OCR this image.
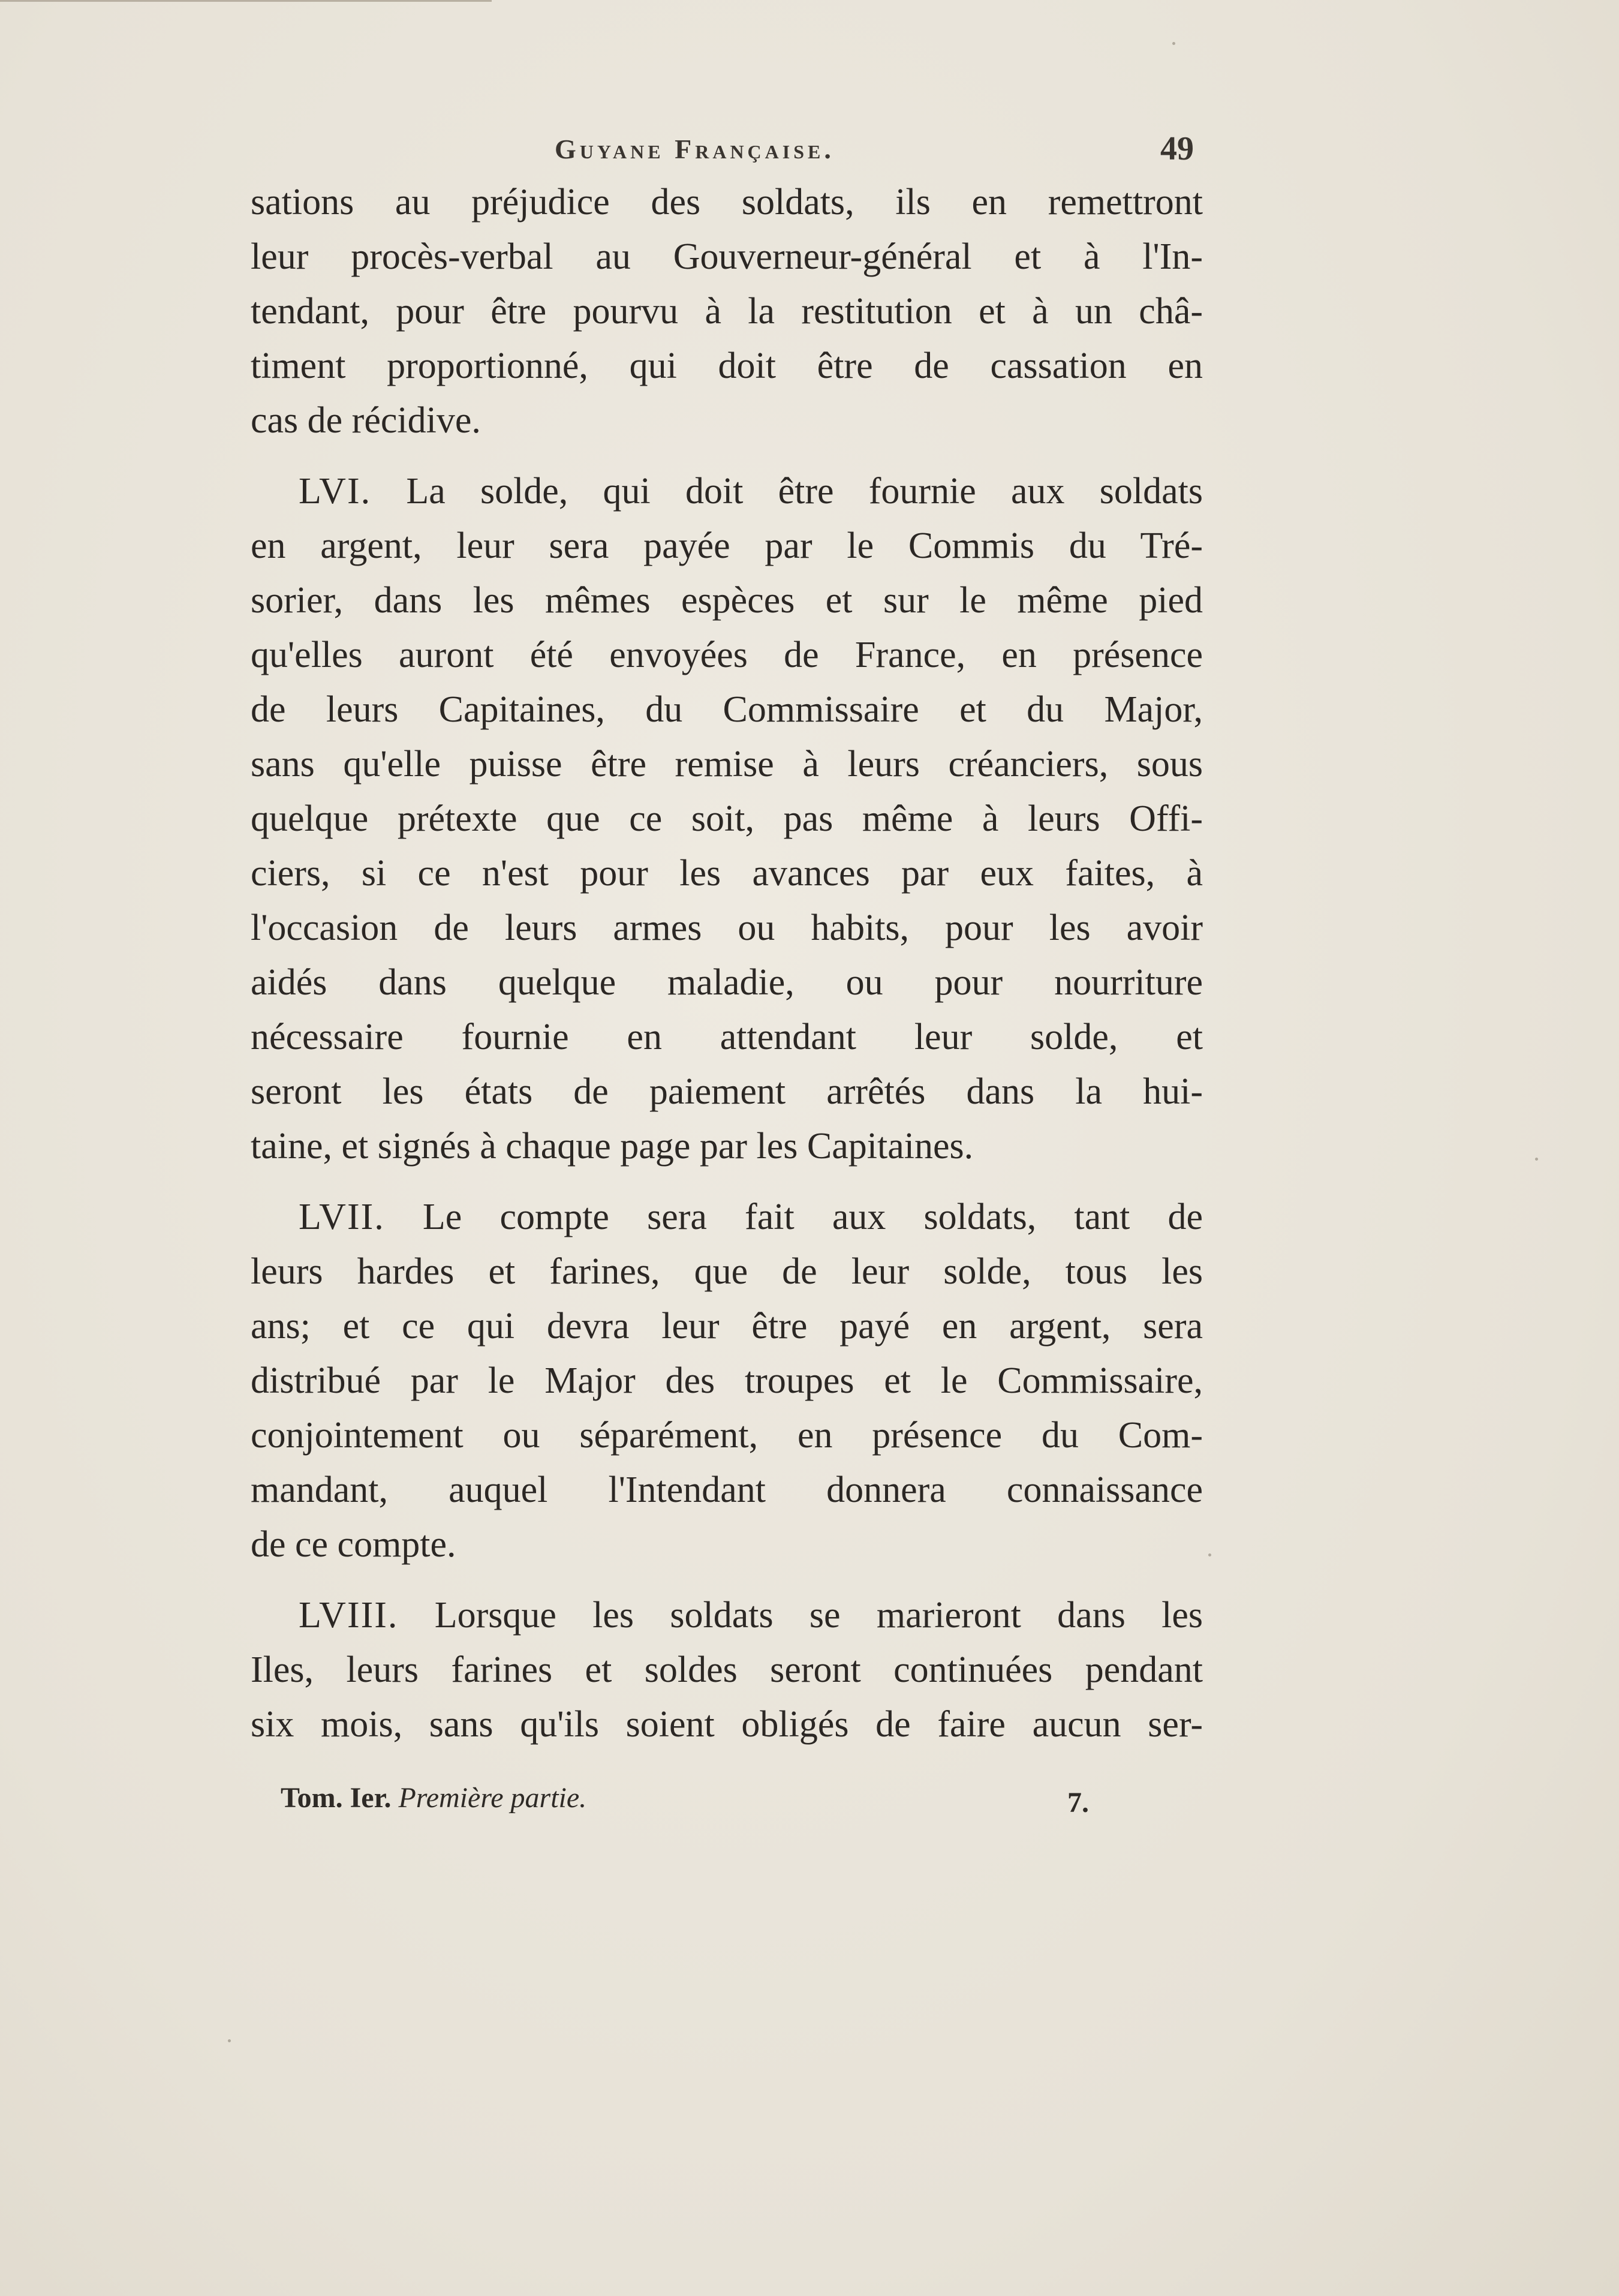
Guyane Française.	49

sations au préjudice des soldats, ils en remettront
leur procès-verbal au Gouverneur-général et à l'In-
tendant, pour être pourvu à la restitution et à un châ-
timent proportionné, qui doit être de cassation en
cas de récidive.

LVI. La solde, qui doit être fournie aux soldats
en argent, leur sera payée par le Commis du Tré-
sorier, dans les mêmes espèces et sur le même pied
qu'elles auront été envoyées de France, en présence
de leurs Capitaines, du Commissaire et du Major,
sans qu'elle puisse être remise à leurs créanciers, sous
quelque prétexte que ce soit, pas même à leurs Offi-
ciers, si ce n'est pour les avances par eux faites, à
l'occasion de leurs armes ou habits, pour les avoir
aidés dans quelque maladie, ou pour nourriture
nécessaire fournie en attendant leur solde, et
seront les états de paiement arrêtés dans la hui-
taine, et signés à chaque page par les Capitaines.

LVII. Le compte sera fait aux soldats, tant de
leurs hardes et farines, que de leur solde, tous les
ans; et ce qui devra leur être payé en argent, sera
distribué par le Major des troupes et le Commissaire,
conjointement ou séparément, en présence du Com-
mandant, auquel l'Intendant donnera connaissance
de ce compte.

LVIII. Lorsque les soldats se marieront dans les
Iles, leurs farines et soldes seront continuées pendant
six mois, sans qu'ils soient obligés de faire aucun ser-

Tom. Ier. Première partie.	7.
